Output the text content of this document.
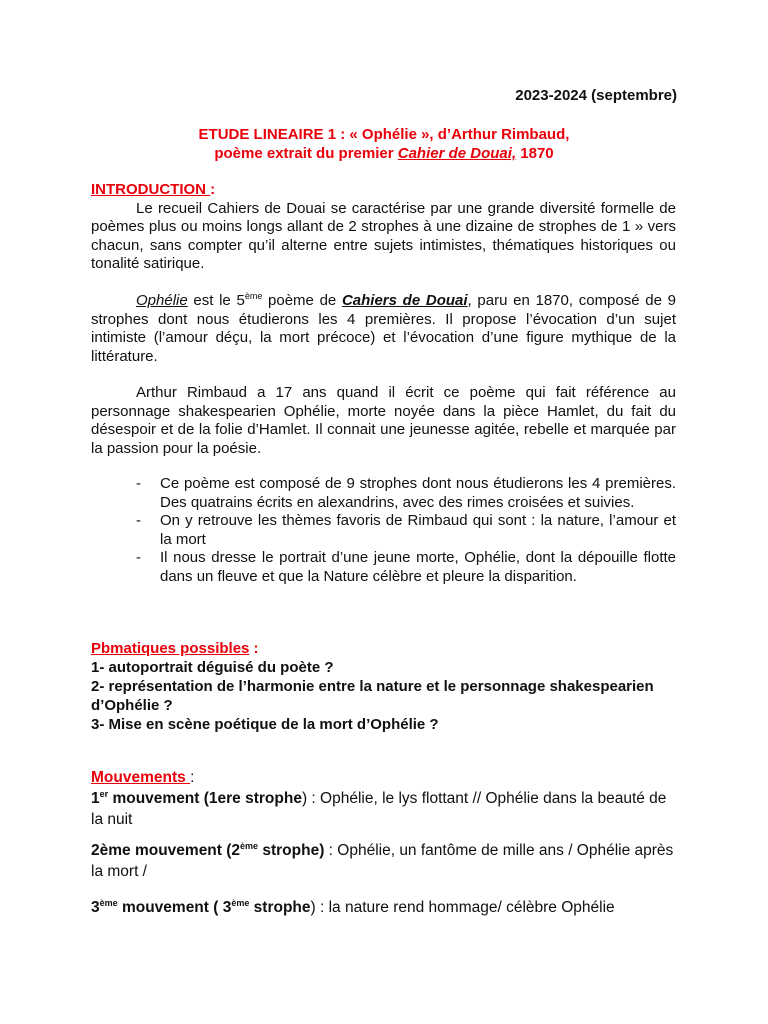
2023-2024 (septembre)
ETUDE LINEAIRE 1 : « Ophélie », d’Arthur Rimbaud,
poème extrait du premier Cahier de Douai, 1870
INTRODUCTION :
Le recueil Cahiers de Douai se caractérise par une grande diversité formelle de poèmes plus ou moins longs allant de 2 strophes à une dizaine de strophes de 1 » vers chacun, sans compter qu’il alterne entre sujets intimistes, thématiques historiques ou tonalité satirique.
Ophélie est le 5ème poème de Cahiers de Douai, paru en 1870, composé de 9 strophes dont nous étudierons les 4 premières. Il propose l’évocation d’un sujet intimiste (l’amour déçu, la mort précoce) et l’évocation d’une figure mythique de la littérature.
Arthur Rimbaud a 17 ans quand il écrit ce poème qui fait référence au personnage shakespearien Ophélie, morte noyée dans la pièce Hamlet, du fait du désespoir et de la folie d’Hamlet. Il connait une jeunesse agitée, rebelle et marquée par la passion pour la poésie.
- Ce poème est composé de 9 strophes dont nous étudierons les 4 premières. Des quatrains écrits en alexandrins, avec des rimes croisées et suivies.
- On y retrouve les thèmes favoris de Rimbaud qui sont : la nature, l’amour et la mort
- Il nous dresse le portrait d’une jeune morte, Ophélie, dont la dépouille flotte dans un fleuve et que la Nature célèbre et pleure la disparition.
Pbmatiques possibles :
1- autoportrait déguisé du poète ?
2- représentation de l’harmonie entre la nature et le personnage shakespearien d’Ophélie ?
3- Mise en scène poétique de la mort d’Ophélie ?
Mouvements :
1er mouvement (1ere strophe) : Ophélie, le lys flottant // Ophélie dans la beauté de la nuit
2ème mouvement (2ème strophe) : Ophélie, un fantôme de mille ans / Ophélie après la mort /
3ème mouvement ( 3ème strophe) : la nature rend hommage/ célèbre Ophélie
